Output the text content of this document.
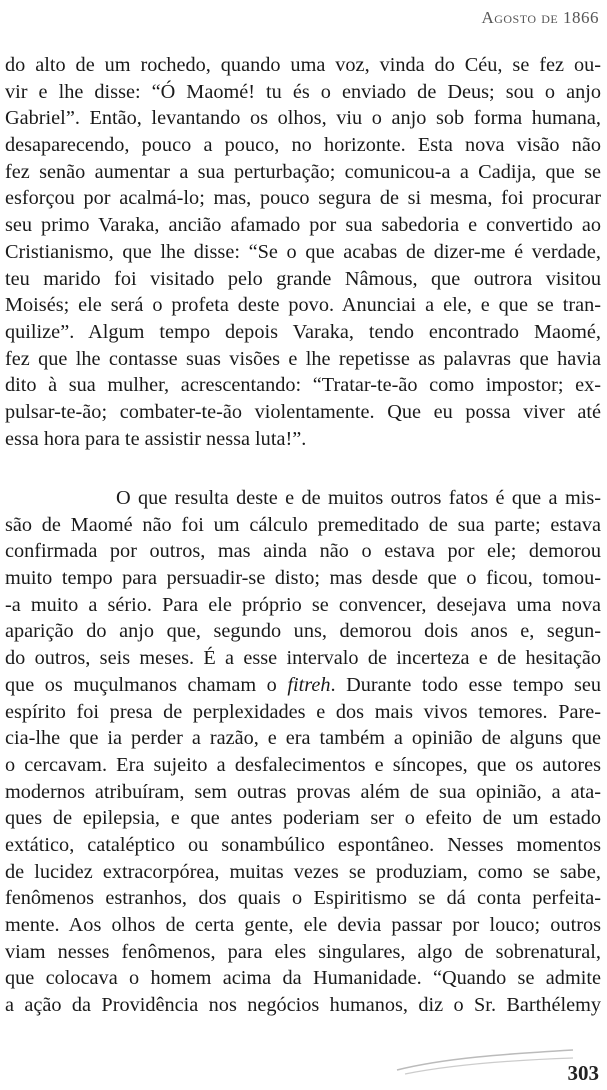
Agosto de 1866
do alto de um rochedo, quando uma voz, vinda do Céu, se fez ou-
vir e lhe disse: “Ó Maomé! tu és o enviado de Deus; sou o anjo
Gabriel”. Então, levantando os olhos, viu o anjo sob forma humana,
desaparecendo, pouco a pouco, no horizonte. Esta nova visão não
fez senão aumentar a sua perturbação; comunicou-a a Cadija, que se
esforçou por acalmá-lo; mas, pouco segura de si mesma, foi procurar
seu primo Varaka, ancião afamado por sua sabedoria e convertido ao
Cristianismo, que lhe disse: “Se o que acabas de dizer-me é verdade,
teu marido foi visitado pelo grande Nâmous, que outrora visitou
Moisés; ele será o profeta deste povo. Anunciai a ele, e que se tran-
quilize”. Algum tempo depois Varaka, tendo encontrado Maomé,
fez que lhe contasse suas visões e lhe repetisse as palavras que havia
dito à sua mulher, acrescentando: “Tratar-te-ão como impostor; ex-
pulsar-te-ão; combater-te-ão violentamente. Que eu possa viver até
essa hora para te assistir nessa luta!”.
O que resulta deste e de muitos outros fatos é que a mis-
são de Maomé não foi um cálculo premeditado de sua parte; estava
confirmada por outros, mas ainda não o estava por ele; demorou
muito tempo para persuadir-se disto; mas desde que o ficou, tomou-
-a muito a sério. Para ele próprio se convencer, desejava uma nova
aparição do anjo que, segundo uns, demorou dois anos e, segun-
do outros, seis meses. É a esse intervalo de incerteza e de hesitação
que os muçulmanos chamam o fitreh. Durante todo esse tempo seu
espírito foi presa de perplexidades e dos mais vivos temores. Pare-
cia-lhe que ia perder a razão, e era também a opinião de alguns que
o cercavam. Era sujeito a desfalecimentos e síncopes, que os autores
modernos atribuíram, sem outras provas além de sua opinião, a ata-
ques de epilepsia, e que antes poderiam ser o efeito de um estado
extático, cataléptico ou sonambúlico espontâneo. Nesses momentos
de lucidez extracorpórea, muitas vezes se produziam, como se sabe,
fenômenos estranhos, dos quais o Espiritismo se dá conta perfeita-
mente. Aos olhos de certa gente, ele devia passar por louco; outros
viam nesses fenômenos, para eles singulares, algo de sobrenatural,
que colocava o homem acima da Humanidade. “Quando se admite
a ação da Providência nos negócios humanos, diz o Sr. Barthélemy
303
